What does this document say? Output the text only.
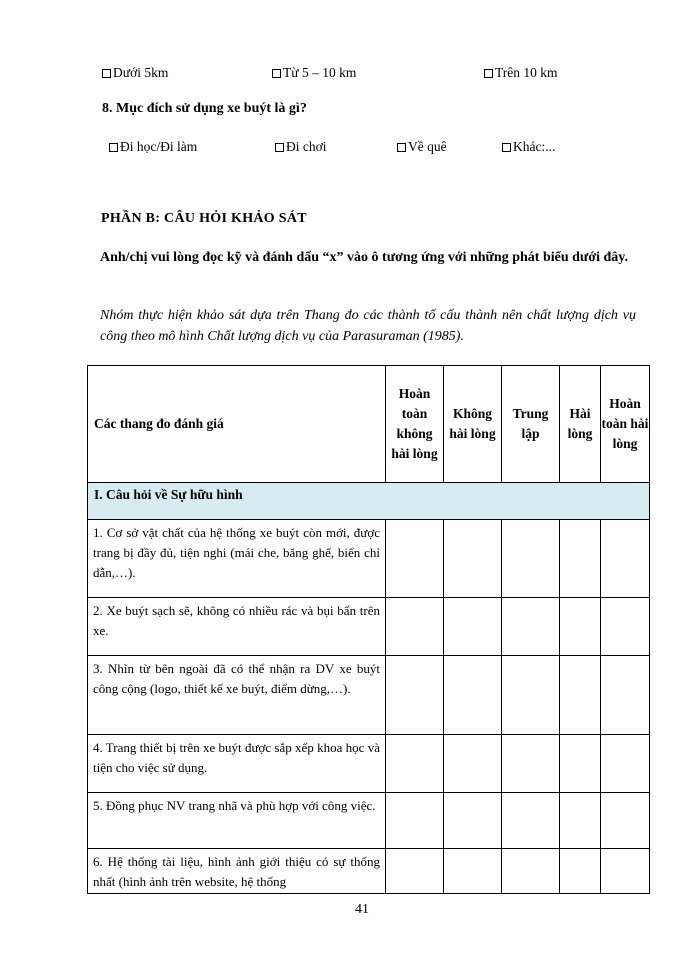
Dưới 5km	Từ 5 – 10 km	Trên 10 km
8. Mục đích sử dụng xe buýt là gì?
Đi học/Đi làm	Đi chơi	Về quê	Khác:...
PHẦN B: CÂU HỎI KHẢO SÁT
Anh/chị vui lòng đọc kỹ và đánh dấu “x” vào ô tương ứng với những phát biểu dưới đây.
Nhóm thực hiện khảo sát dựa trên Thang đo các thành tố cấu thành nên chất lượng dịch vụ công theo mô hình Chất lượng dịch vụ của Parasuraman (1985).
Các thang đo đánh giá	Hoàn toàn không hài lòng	Không hài lòng	Trung lập	Hài lòng	Hoàn toàn hài lòng
I. Câu hỏi về Sự hữu hình					
1. Cơ sở vật chất của hệ thống xe buýt còn mới, được trang bị đầy đủ, tiện nghi (mái che, băng ghế, biển chỉ dẫn,…).					
2. Xe buýt sạch sẽ, không có nhiều rác và bụi bẩn trên xe.					
3. Nhìn từ bên ngoài đã có thể nhận ra DV xe buýt công cộng (logo, thiết kế xe buýt, điểm dừng,…).					
4. Trang thiết bị trên xe buýt được sắp xếp khoa học và tiện cho việc sử dụng.					
5. Đồng phục NV trang nhã và phù hợp với công việc.					
6. Hệ thống tài liệu, hình ảnh giới thiệu có sự thống nhất (hình ảnh trên website, hệ thống					
41
